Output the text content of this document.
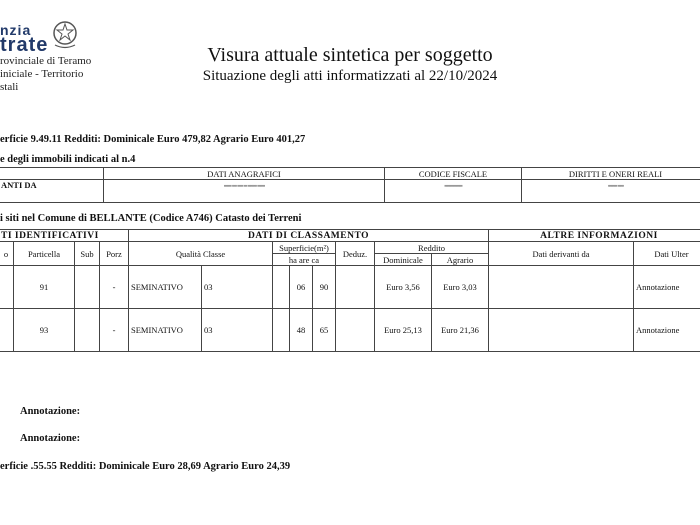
nzia
trate
rovinciale di Teramo
iniciale - Territorio
stali
Visura attuale sintetica per soggetto
Situazione degli atti informatizzati al 22/10/2024
erficie 9.49.11 Redditi: Dominicale Euro 479,82 Agrario Euro 401,27
e degli immobili indicati al n.4
	DATI ANAGRAFICI	CODICE FISCALE	DIRITTI E ONERI REALI
ANTI DA	▪▪▪▪▪ ▪▪▪ ▪▪▪▪ ▪▪ ▪▪▪▪▪▪ ▪▪▪▪▪	▪▪▪▪▪▪▪▪▪▪▪▪	▪▪▪▪▪▪ ▪▪▪▪
i siti nel Comune di BELLANTE (Codice A746) Catasto dei Terreni
TI IDENTIFICATIVI				DATI DI CLASSAMENTO								ALTRE INFORMAZIONI	
o	Particella	Sub	Porz	Qualità Classe		Superficie(m²)			Deduz.	Reddito		Dati derivanti da	Dati Ulter
						ha are ca				Dominicale	Agrario		
	91		-	SEMINATIVO	03		06	90		Euro 3,56	Euro 3,03		Annotazione
	93		-	SEMINATIVO	03		48	65		Euro 25,13	Euro 21,36		Annotazione
Annotazione:
Annotazione:
erficie .55.55 Redditi: Dominicale Euro 28,69 Agrario Euro 24,39
